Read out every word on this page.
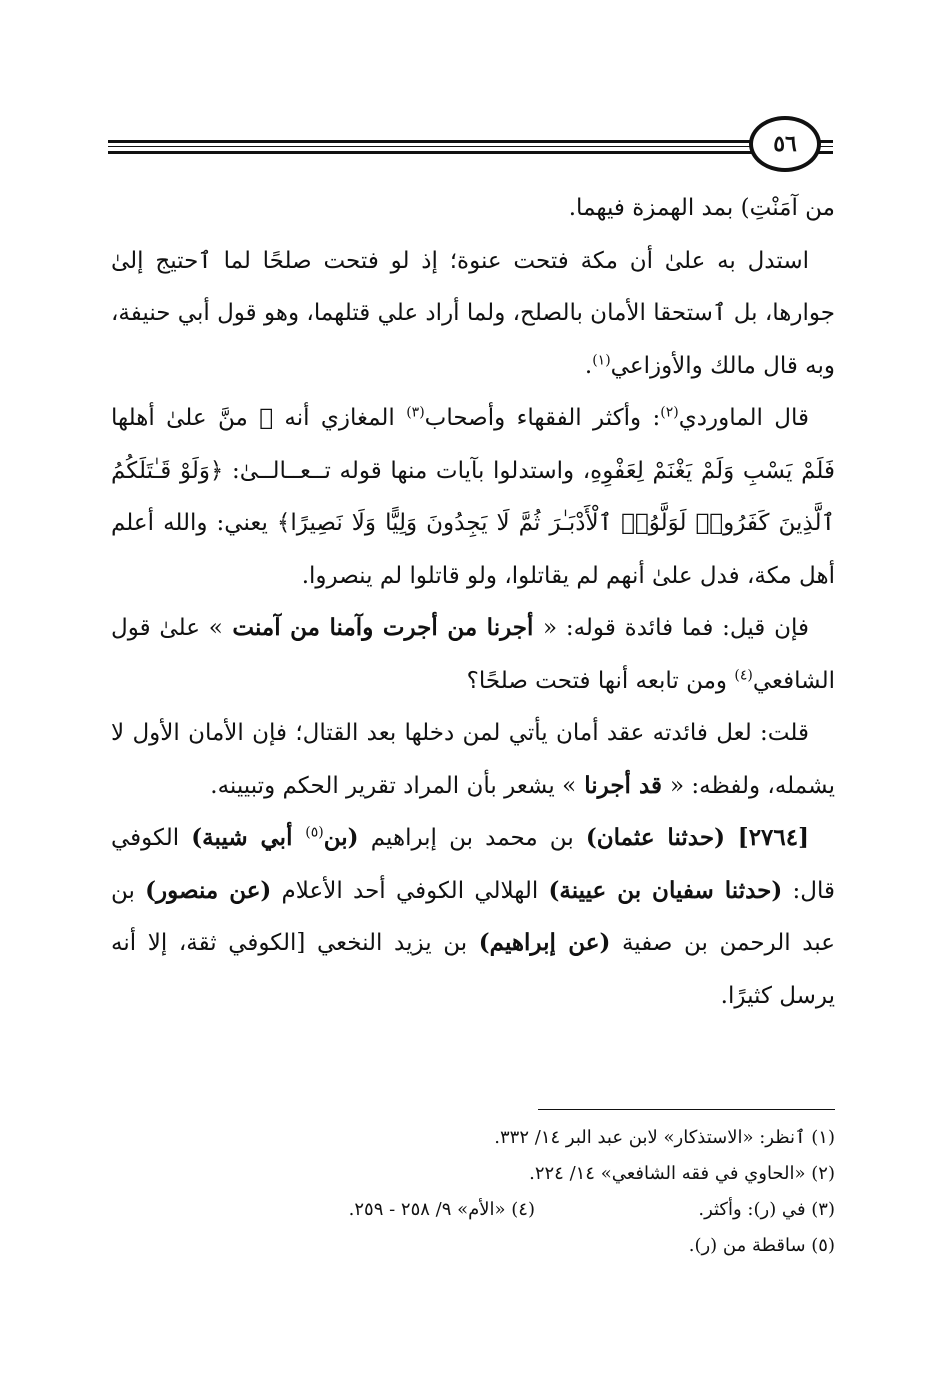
٥٦

من آمَنْتِ) بمد الهمزة فيهما.

استدل به علىٰ أن مكة فتحت عنوة؛ إذ لو فتحت صلحًا لما ٱحتيج إلىٰ جوارها، بل ٱستحقا الأمان بالصلح، ولما أراد علي قتلهما، وهو قول أبي حنيفة، وبه قال مالك والأوزاعي$^{(١)}$.

قال الماوردي$^{(٢)}$: وأكثر الفقهاء وأصحاب$^{(٣)}$ المغازي أنه ﷺ منَّ علىٰ أهلها فَلَمْ يَسْبِ وَلَمْ يَغْنَمْ لِعَفْوِهِ، واستدلوا بآيات منها قوله تــعــالــىٰ: ﴿وَلَوْ قَـٰتَلَكُمُ ٱلَّذِينَ كَفَرُوا۟ لَوَلَّوُا۟ ٱلْأَدْبَـٰرَ ثُمَّ لَا يَجِدُونَ وَلِيًّا وَلَا نَصِيرًا﴾ يعني: والله أعلم أهل مكة، فدل علىٰ أنهم لم يقاتلوا، ولو قاتلوا لم ينصروا.

فإن قيل: فما فائدة قوله: « أجرنا من أجرت وآمنا من آمنت » علىٰ قول الشافعي$^{(٤)}$ ومن تابعه أنها فتحت صلحًا؟

قلت: لعل فائدته عقد أمان يأتي لمن دخلها بعد القتال؛ فإن الأمان الأول لا يشمله، ولفظه: « قد أجرنا » يشعر بأن المراد تقرير الحكم وتبيينه.

[٢٧٦٤] (حدثنا عثمان) بن محمد بن إبراهيم (بن$^{(٥)}$ أبي شيبة) الكوفي قال: (حدثنا سفيان بن عيينة) الهلالي الكوفي أحد الأعلام (عن منصور) بن عبد الرحمن بن صفية (عن إبراهيم) بن يزيد النخعي [الكوفي ثقة، إلا أنه يرسل كثيرًا.

(١) ٱنظر: «الاستذكار» لابن عبد البر ١٤/ ٣٣٢.

(٢) «الحاوي في فقه الشافعي» ١٤/ ٢٢٤.

(٣) في (ر): وأكثر.

(٤) «الأم» ٩/ ٢٥٨ - ٢٥٩.

(٥) ساقطة من (ر).
